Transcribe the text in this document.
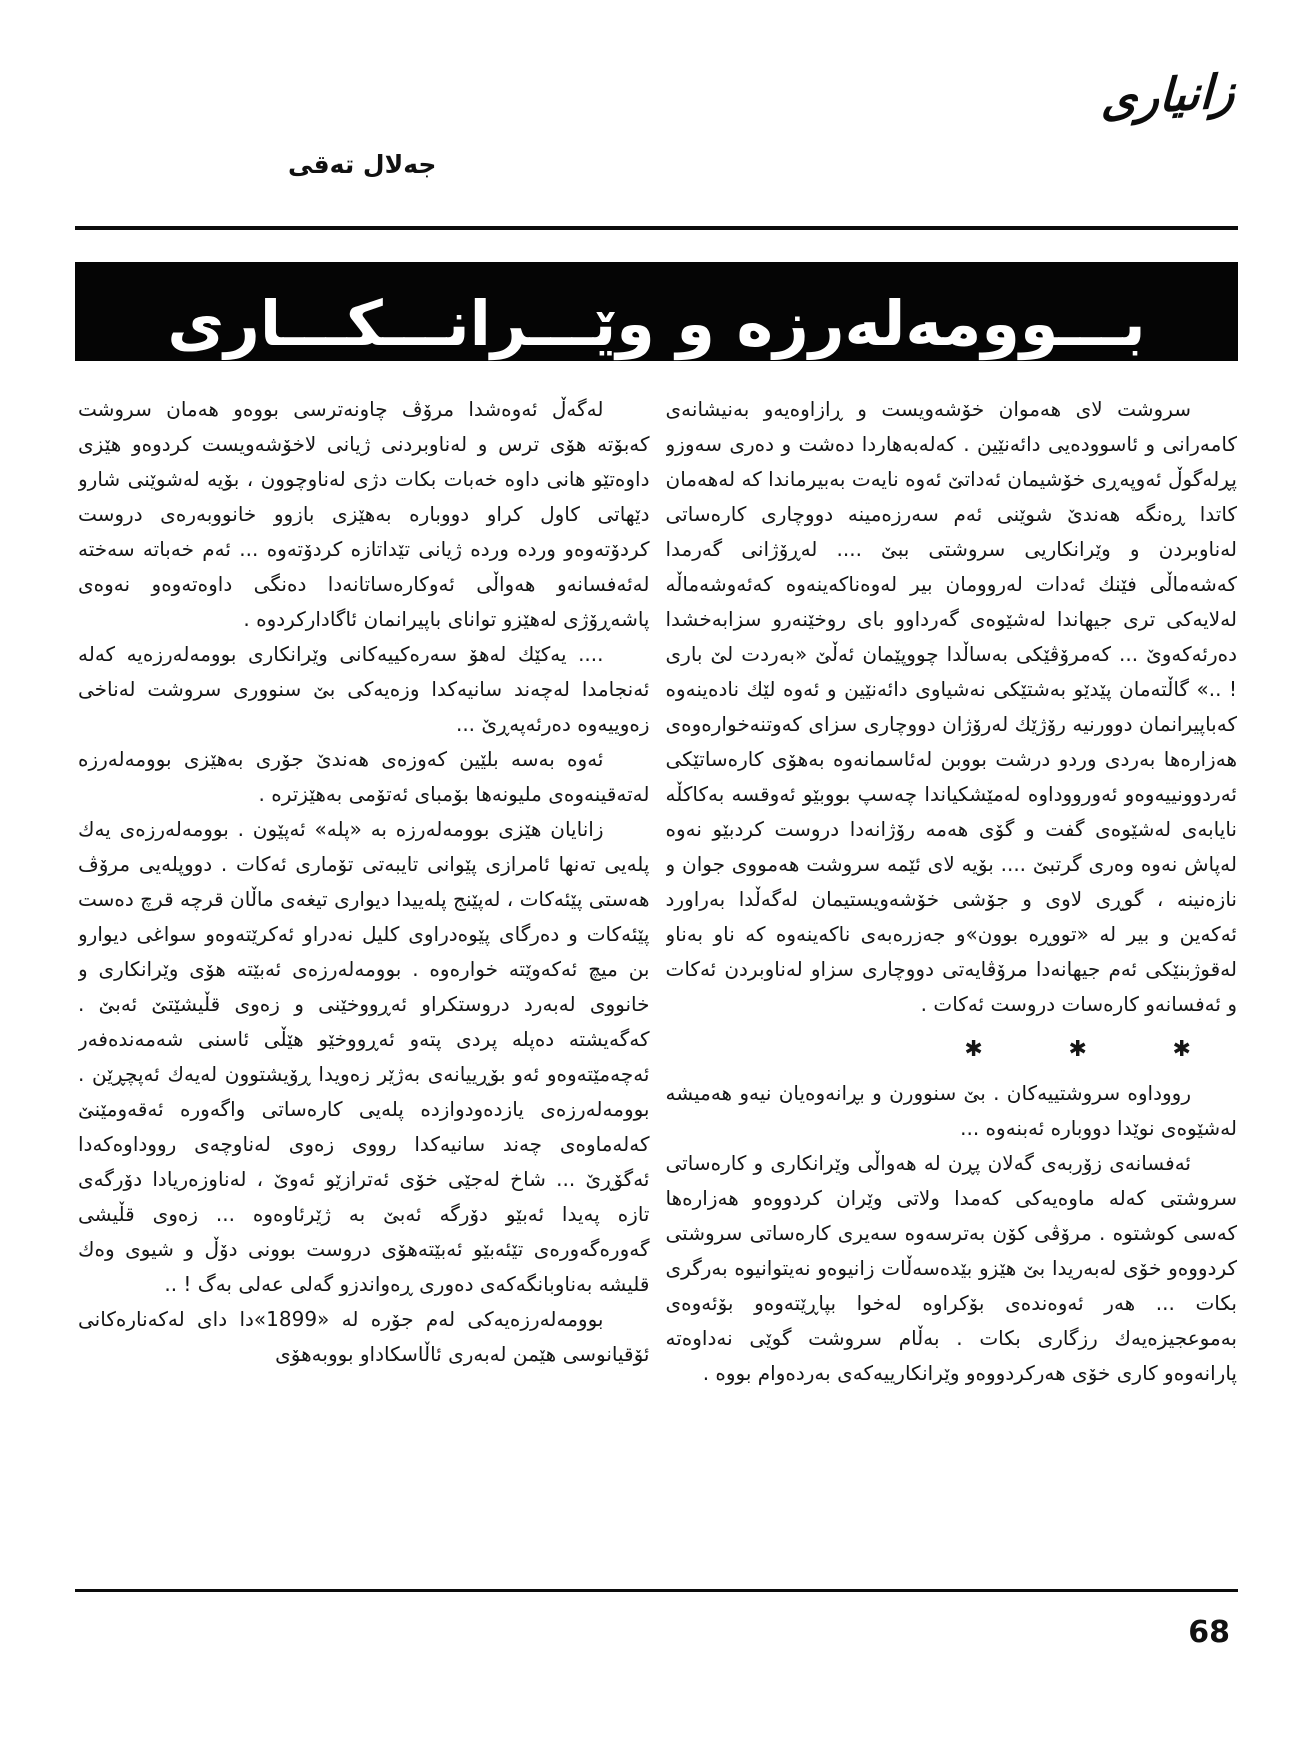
زانیاری
جەلال تەقی
بـــوومەلەرزە و وێـــرانـــکـــاری

سروشت لای هەموان خۆشەویست و ڕازاوەیەو بەنیشانەی کامەرانی و ئاسوودەیی دائەنێین . کەلەبەهاردا دەشت و دەری سەوزو پڕلەگوڵ ئەوپەڕی خۆشیمان ئەداتێ ئەوە نایەت بەبیرماندا کە لەهەمان کاتدا ڕەنگە هەندێ شوێنی ئەم سەرزەمینە دووچاری کارەساتی لەناوبردن و وێرانکاریی سروشتی ببێ .... لەڕۆژانی گەرمدا کەشەماڵی فێنك ئەدات لەروومان بیر لەوەناکەینەوە کەئەوشەماڵە لەلایەکی تری جیهاندا لەشێوەی گەرداوو بای روخێنەرو سزابەخشدا دەرئەکەوێ ... کەمرۆڤێکی بەساڵدا چووپێمان ئەڵێ «بەردت لێ باری ! ..» گاڵتەمان پێدێو بەشتێکی نەشیاوی دائەنێین و ئەوە لێك نادەینەوە کەباپیرانمان دوورنیە رۆژێك لەرۆژان دووچاری سزای کەوتنەخوارەوەی هەزارەها بەردی وردو درشت بووبن لەئاسمانەوە بەهۆی کارەساتێکی ئەردوونییەوەو ئەورووداوە لەمێشکیاندا چەسپ بووبێو ئەوقسە بەکاکڵە نایابەی لەشێوەی گفت و گۆی هەمە رۆژانەدا دروست کردبێو نەوە لەپاش نەوە وەری گرتبێ .... بۆیە لای ئێمە سروشت هەمووی جوان و نازەنینە ، گوڕی لاوی و جۆشی خۆشەویستیمان لەگەڵدا بەراورد ئەکەین و بیر لە «تووڕە بوون»و جەزرەبەی ناکەینەوە کە ناو بەناو لەقوژبنێکی ئەم جیهانەدا مرۆڤایەتی دووچاری سزاو لەناوبردن ئەکات و ئەفسانەو کارەسات دروست ئەکات .

✱ ✱ ✱

رووداوە سروشتییەکان . بێ سنوورن و بڕانەوەیان نیەو هەمیشە لەشێوەی نوێدا دووبارە ئەبنەوە ...

ئەفسانەی زۆربەی گەلان پڕن لە هەواڵی وێرانکاری و کارەساتی سروشتی کەلە ماوەیەکی کەمدا ولاتی وێران کردووەو هەزارەها کەسی کوشتوە . مرۆڤی کۆن بەترسەوە سەیری کارەساتی سروشتی کردووەو خۆی لەبەریدا بێ هێزو بێدەسەڵات زانیوەو نەیتوانیوە بەرگری بکات ... هەر ئەوەندەی بۆکراوە لەخوا بپاڕێتەوەو بۆئەوەی بەموعجیزەیەك رزگاری بکات . بەڵام سروشت گوێی نەداوەتە پارانەوەو کاری خۆی هەرکردووەو وێرانکارییەکەی بەردەوام بووە .

لەگەڵ ئەوەشدا مرۆڤ چاونەترسی بووەو هەمان سروشت کەبۆتە هۆی ترس و لەناوبردنی ژیانی لاخۆشەویست کردوەو هێزی داوەتێو هانی داوە خەبات بکات دژی لەناوچوون ، بۆیە لەشوێنی شارو دێهاتی کاول کراو دووبارە بەهێزی بازوو خانووبەرەی دروست کردۆتەوەو وردە وردە ژیانی تێداتازە کردۆتەوە ... ئەم خەباتە سەختە لەئەفسانەو هەواڵی ئەوکارەساتانەدا دەنگی داوەتەوەو نەوەی پاشەڕۆژی لەهێزو توانای باپیرانمان ئاگادارکردوە .

.... یەکێك لەهۆ سەرەکییەکانی وێرانکاری بوومەلەرزەیە کەلە ئەنجامدا لەچەند سانیەکدا وزەیەکی بێ سنووری سروشت لەناخی زەوییەوە دەرئەپەڕێ ...

ئەوە بەسە بلێین کەوزەی هەندێ جۆری بەهێزی بوومەلەرزە لەتەقینەوەی ملیونەها بۆمبای ئەتۆمی بەهێزترە .

زانایان هێزی بوومەلەرزە بە «پلە» ئەپێون . بوومەلەرزەی یەك پلەیی تەنها ئامرازی پێوانی تایبەتی تۆماری ئەکات . دووپلەیی مرۆڤ هەستی پێئەکات ، لەپێنج پلەییدا دیواری تیغەی ماڵان قرچە قرچ دەست پێئەکات و دەرگای پێوەدراوی کلیل نەدراو ئەکرێتەوەو سواغی دیوارو بن میچ ئەکەوێتە خوارەوە . بوومەلەرزەی ئەبێتە هۆی وێرانکاری و خانووی لەبەرد دروستکراو ئەڕووخێنی و زەوی قڵیشێتێ ئەبێ . کەگەیشتە دەپلە پردی پتەو ئەڕووخێو هێڵی ئاسنی شەمەندەفەر ئەچەمێتەوەو ئەو بۆڕییانەی بەژێر زەویدا ڕۆیشتوون لەیەك ئەپچڕێن . بوومەلەرزەی یازدەودوازدە پلەیی کارەساتی واگەورە ئەقەومێنێ کەلەماوەی چەند سانیەکدا رووی زەوی لەناوچەی رووداوەکەدا ئەگۆڕێ ... شاخ لەجێی خۆی ئەترازێو ئەوێ ، لەناوزەریادا دۆرگەی تازە پەیدا ئەبێو دۆرگە ئەبێ بە ژێرئاوەوە ... زەوی قڵیشی گەورەگەورەی تێئەبێو ئەبێتەهۆی دروست بوونی دۆڵ و شیوی وەك قلیشە بەناوبانگەکەی دەوری ڕەواندزو گەلی عەلی بەگ ! ..

بوومەلەرزەیەکی لەم جۆرە لە «1899»دا دای لەکەنارەکانی ئۆقیانوسی هێمن لەبەری ئاڵاسکاداو بووبەهۆی

68
